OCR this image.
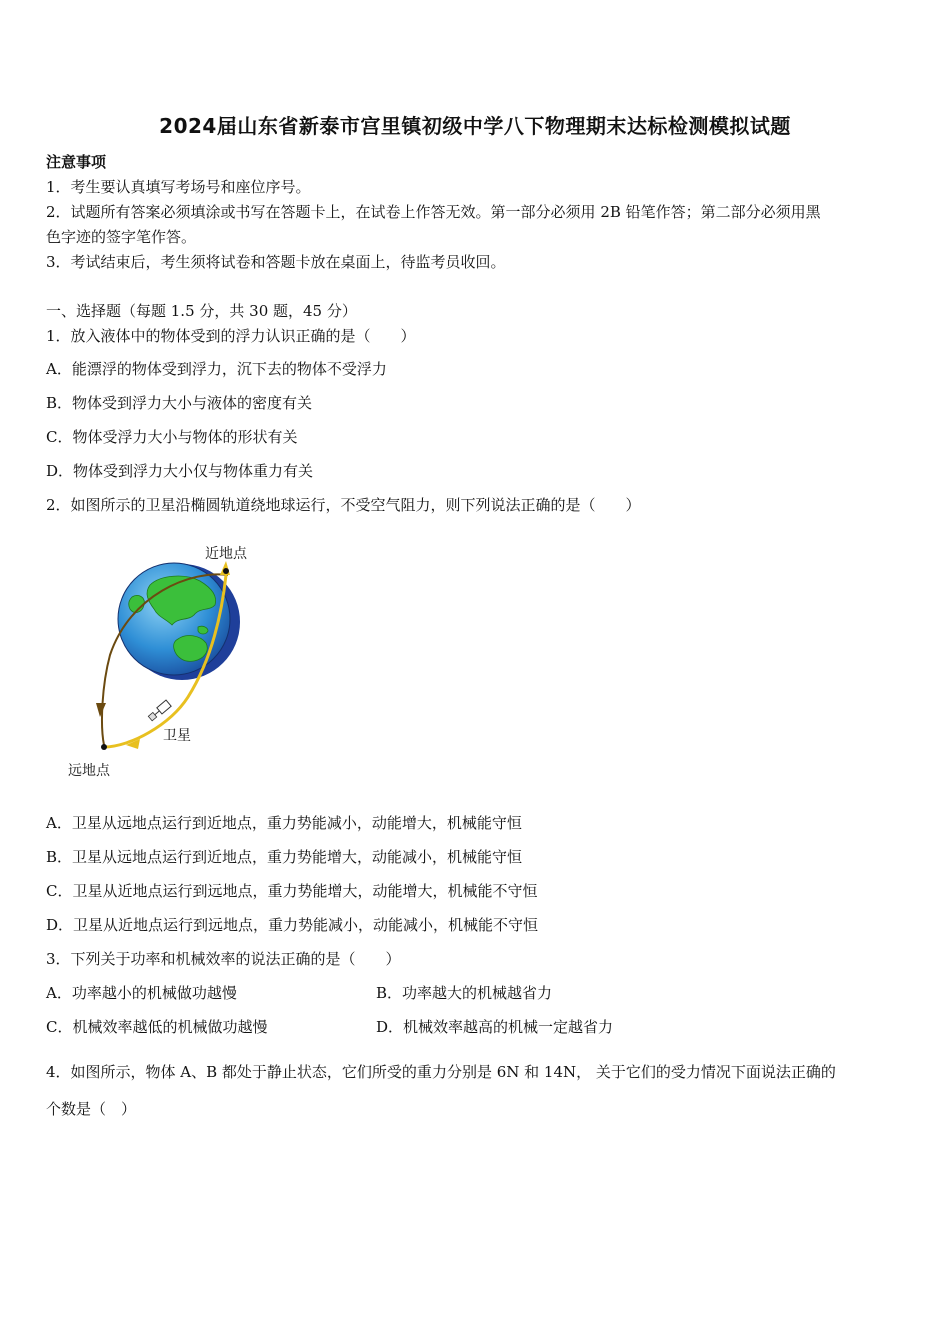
2024届山东省新泰市宫里镇初级中学八下物理期末达标检测模拟试题
注意事项
1．考生要认真填写考场号和座位序号。
2．试题所有答案必须填涂或书写在答题卡上，在试卷上作答无效。第一部分必须用 2B 铅笔作答；第二部分必须用黑
色字迹的签字笔作答。
3．考试结束后，考生须将试卷和答题卡放在桌面上，待监考员收回。
一、选择题（每题 1.5 分，共 30 题，45 分）
1．放入液体中的物体受到的浮力认识正确的是（　　）
A．能漂浮的物体受到浮力，沉下去的物体不受浮力
B．物体受到浮力大小与液体的密度有关
C．物体受浮力大小与物体的形状有关
D．物体受到浮力大小仅与物体重力有关
2．如图所示的卫星沿椭圆轨道绕地球运行，不受空气阻力，则下列说法正确的是（　　）
近地点
远地点
卫星
A．卫星从远地点运行到近地点，重力势能减小，动能增大，机械能守恒
B．卫星从远地点运行到近地点，重力势能增大，动能减小，机械能守恒
C．卫星从近地点运行到远地点，重力势能增大，动能增大，机械能不守恒
D．卫星从近地点运行到远地点，重力势能减小，动能减小，机械能不守恒
3．下列关于功率和机械效率的说法正确的是（　　）
A．功率越小的机械做功越慢	B．功率越大的机械越省力
C．机械效率越低的机械做功越慢	D．机械效率越高的机械一定越省力
4．如图所示，物体 A、B 都处于静止状态，它们所受的重力分别是 6N 和 14N， 关于它们的受力情况下面说法正确的
个数是（　）
